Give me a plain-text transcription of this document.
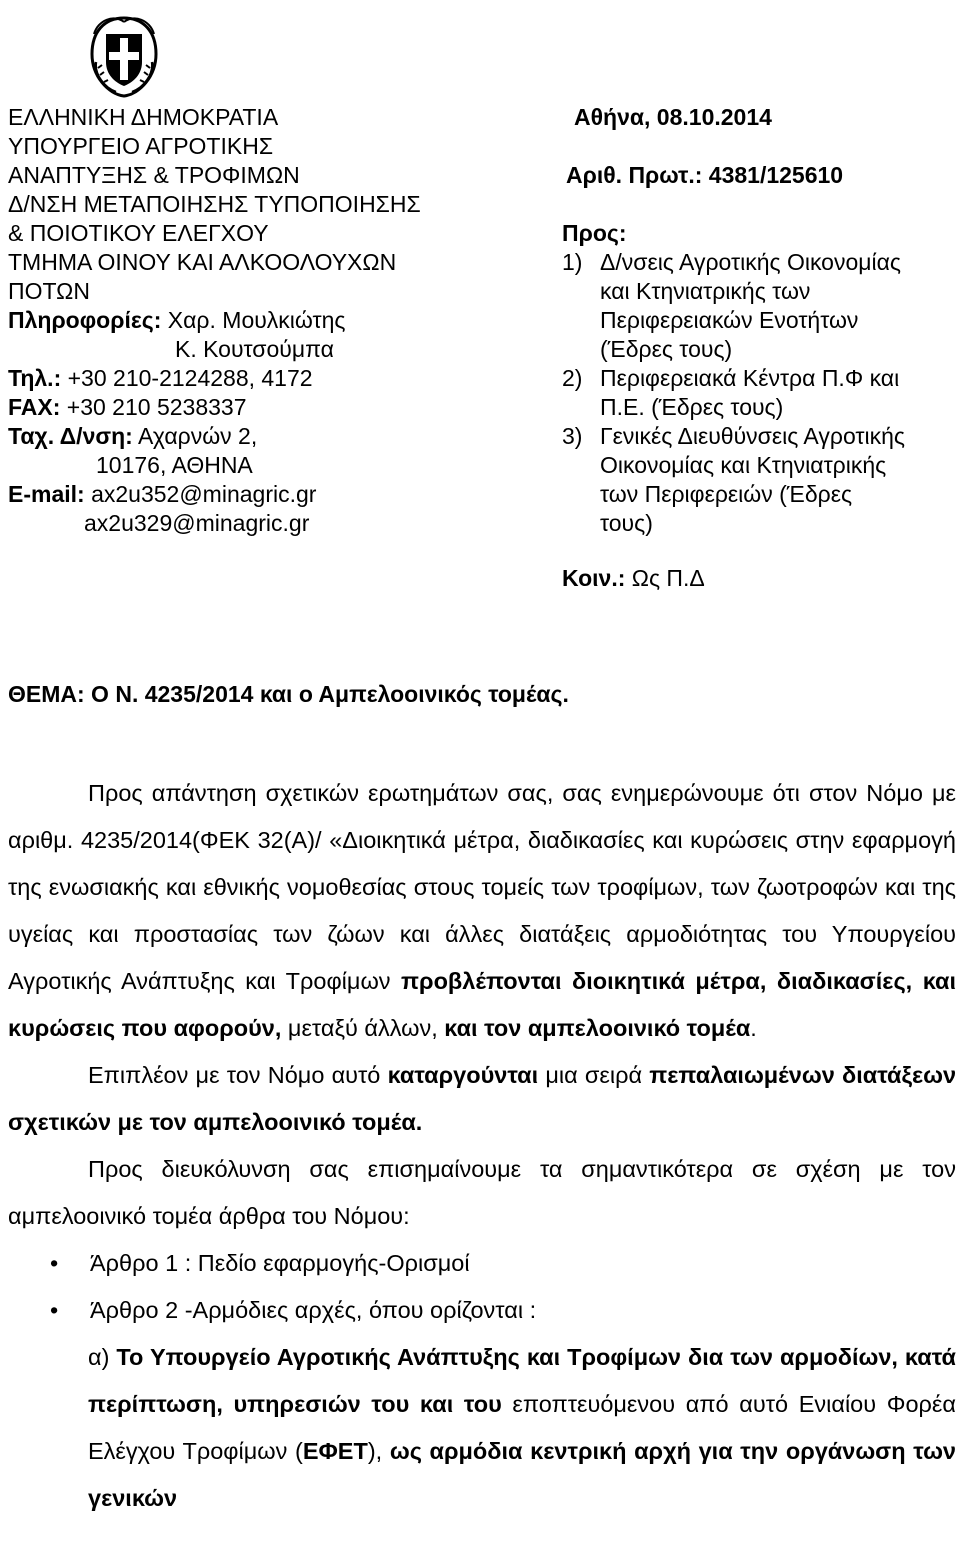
ΕΛΛΗΝΙΚΗ ΔΗΜΟΚΡΑΤΙΑ
ΥΠΟΥΡΓΕΙΟ ΑΓΡΟΤΙΚΗΣ
ΑΝΑΠΤΥΞΗΣ & ΤΡΟΦΙΜΩΝ
Δ/ΝΣΗ ΜΕΤΑΠΟΙΗΣΗΣ ΤΥΠΟΠΟΙΗΣΗΣ
& ΠΟΙΟΤΙΚΟΥ ΕΛΕΓΧΟΥ
ΤΜΗΜΑ ΟΙΝΟΥ ΚΑΙ ΑΛΚΟΟΛΟΥΧΩΝ
ΠΟΤΩΝ
Πληροφορίες: Χαρ. Μουλκιώτης
Κ. Κουτσούμπα
Τηλ.: +30 210-2124288, 4172
FAX: +30 210 5238337
Ταχ. Δ/νση: Αχαρνών 2,
10176, ΑΘΗΝΑ
E-mail: ax2u352@minagric.gr
ax2u329@minagric.gr
Αθήνα, 08.10.2014
Αριθ. Πρωτ.: 4381/125610
Προς:
1) Δ/νσεις Αγροτικής Οικονομίας
και Κτηνιατρικής των
Περιφερειακών Ενοτήτων
(Έδρες τους)
2) Περιφερειακά Κέντρα Π.Φ και
Π.Ε. (Έδρες τους)
3) Γενικές Διευθύνσεις Αγροτικής
Οικονομίας και Κτηνιατρικής
των Περιφερειών (Έδρες
τους)
Κοιν.: Ως Π.Δ
ΘΕΜΑ: Ο Ν. 4235/2014 και ο Αμπελοοινικός τομέας.
Προς απάντηση σχετικών ερωτημάτων σας, σας ενημερώνουμε ότι στον Νόμο με αριθμ. 4235/2014(ΦΕΚ 32(Α)/ «Διοικητικά μέτρα, διαδικασίες και κυρώσεις στην εφαρμογή της ενωσιακής και εθνικής νομοθεσίας στους τομείς των τροφίμων, των ζωοτροφών και της υγείας και προστασίας των ζώων και άλλες διατάξεις αρμοδιότητας του Υπουργείου Αγροτικής Ανάπτυξης και Τροφίμων προβλέπονται διοικητικά μέτρα, διαδικασίες, και κυρώσεις που αφορούν, μεταξύ άλλων, και τον αμπελοοινικό τομέα.
Επιπλέον με τον Νόμο αυτό καταργούνται μια σειρά πεπαλαιωμένων διατάξεων σχετικών με τον αμπελοοινικό τομέα.
Προς διευκόλυνση σας επισημαίνουμε τα σημαντικότερα σε σχέση με τον αμπελοοινικό τομέα άρθρα του Νόμου:
• Άρθρο 1 : Πεδίο εφαρμογής-Ορισμοί
• Άρθρο 2 -Αρμόδιες αρχές, όπου ορίζονται :
α) Το Υπουργείο Αγροτικής Ανάπτυξης και Τροφίμων δια των αρμοδίων, κατά περίπτωση, υπηρεσιών του και του εποπτευόμενου από αυτό Ενιαίου Φορέα Ελέγχου Τροφίμων (ΕΦΕΤ), ως αρμόδια κεντρική αρχή για την οργάνωση των γενικών
